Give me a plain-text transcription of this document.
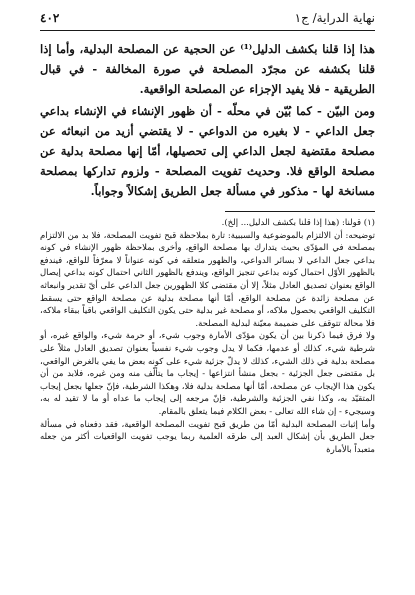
نهاية الدراية/ ج١
٤٠٢

هذا إذا قلنا بكشف الدليل⁽¹⁾ عن الحجية عن المصلحة البدلية، وأما إذا قلنا بكشفه عن مجرّد المصلحة في صورة المخالفة - في قبال الطريقية - فلا يفيد الإجزاء عن المصلحة الواقعية.

ومن البيّن - كما بُيّن في محلّه - أن ظهور الإنشاء في الإنشاء بداعي جعل الداعي - لا بغيره من الدواعي - لا يقتضي أزيد من انبعاثه عن مصلحة مقتضية لجعل الداعي إلى تحصيلها، أمّا إنها مصلحة بدلية عن مصلحة الواقع فلا. وحديث تفويت المصلحة - ولزوم تداركها بمصلحة مسانخة لها - مذكور في مسألة جعل الطريق إشكالاً وجواباً.

(١) قولنا: (هذا إذا قلنا بكشف الدليل... إلخ).

توضيحه: أن الالتزام بالموضوعية والسببية: تارة بملاحظة قبح تفويت المصلحة، فلا بد من الالتزام بمصلحة في المؤدّى بحيث يتدارك بها مصلحة الواقع، وأخرى بملاحظة ظهور الإنشاء في كونه بداعي جعل الداعي لا بسائر الدواعي، والظهور متعلقه في كونه عنواناً لا معرّفاً للواقع، فيندفع بالظهور الأوّل احتمال كونه بداعي تنجيز الواقع، ويندفع بالظهور الثاني احتمال كونه بداعي إيصال الواقع بعنوان تصديق العادل مثلاً، إلا أن مقتضى كلا الظهورين جعل الداعي على أيّ تقدير وانبعاثه عن مصلحة زائدة عن مصلحة الواقع، أمّا أنها مصلحة بدلية عن مصلحة الواقع حتى يسقط التكليف الواقعي بحصول ملاكه، أو مصلحة غير بدلية حتى يكون التكليف الواقعي باقياً ببقاء ملاكه، فلا محالة تتوقف على ضميمة معيّنة لبدلية المصلحة.

ولا فرق فيما ذكرنا بين أن يكون مؤدّى الأمارة وجوب شيء، أو حرمة شيء، والواقع غيره، أو شرطية شيء، كذلك أو عدمها، فكما لا يدل وجوب شيء نفسياً بعنوان تصديق العادل مثلاً على مصلحة بدلية في ذلك الشيء، كذلك لا يدلّ جزئية شيء على كونه بعض ما يفي بالغرض الواقعي، بل مقتضى جعل الجزئية - بجعل منشأ انتزاعها - إيجاب ما يتألّف منه ومن غيره، فلابد من أن يكون هذا الإيجاب عن مصلحة، أمّا أنها مصلحة بدلية فلا، وهكذا الشرطية، فإنّ جعلها بجعل إيجاب المتقيّد به، وكذا نفي الجزئية والشرطية، فإنّ مرجعه إلى إيجاب ما عداه أو ما لا تقيد له به، وسيجيء - إن شاء الله تعالى - بعض الكلام فيما يتعلق بالمقام.

وأما إثبات المصلحة البدلية أمّا من طريق قبح تفويت المصلحة الواقعية، فقد دفعناه في مسألة جعل الطريق بأن إشكال العبد إلى طرقه العلمية ربما يوجب تفويت الواقعيات أكثر من جعله متعبداً بالأمارة
